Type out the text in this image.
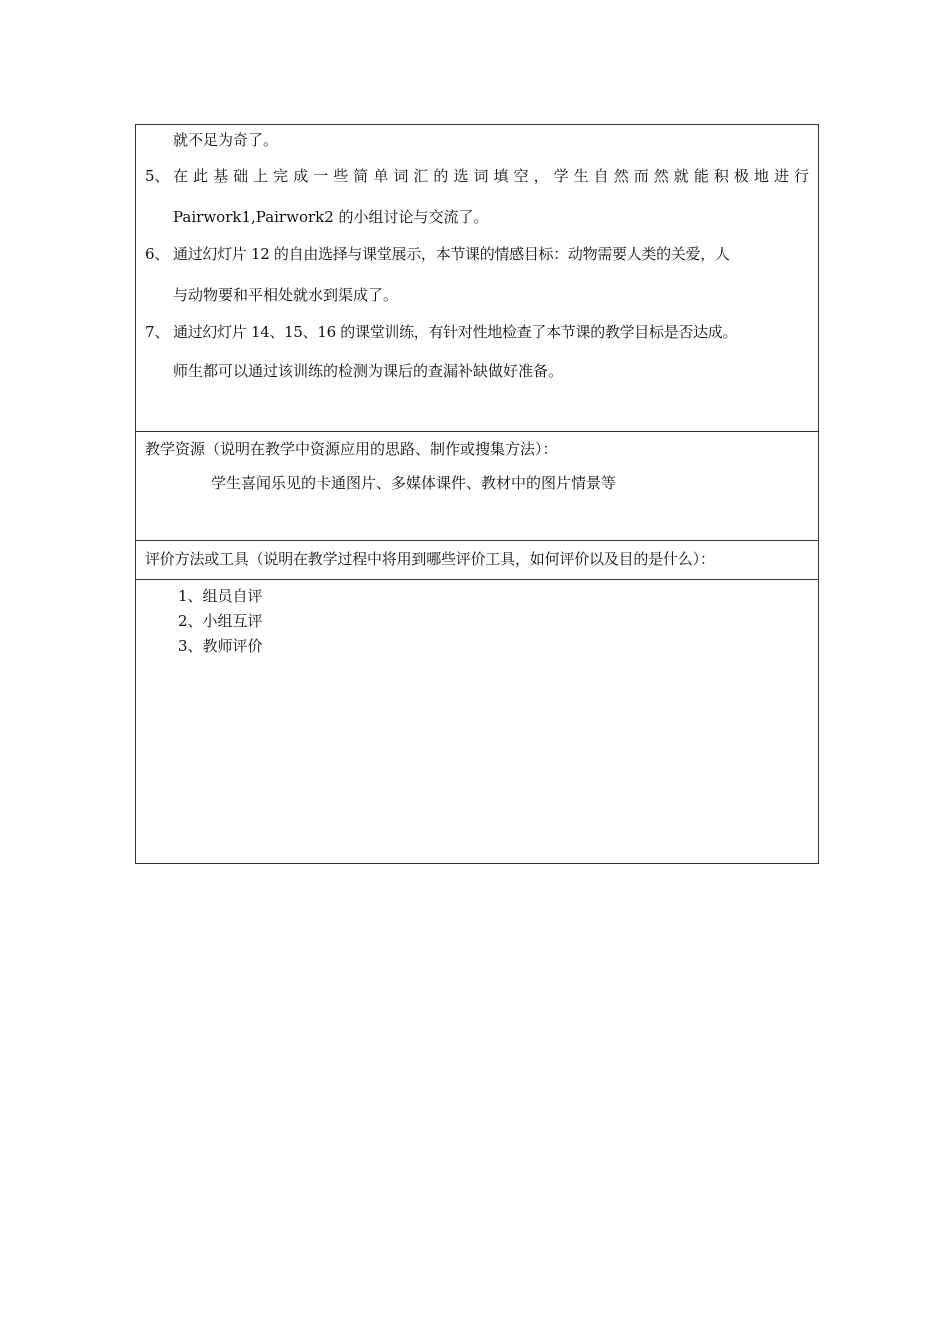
就不足为奇了。
5、 在此基础上完成一些简单词汇的选词填空，学生自然而然就能积极地进行
Pairwork1,Pairwork2 的小组讨论与交流了。
6、 通过幻灯片 12 的自由选择与课堂展示，本节课的情感目标：动物需要人类的关爱，人
与动物要和平相处就水到渠成了。
7、 通过幻灯片 14、15、16 的课堂训练，有针对性地检查了本节课的教学目标是否达成。
师生都可以通过该训练的检测为课后的查漏补缺做好准备。
教学资源（说明在教学中资源应用的思路、制作或搜集方法）：
学生喜闻乐见的卡通图片、多媒体课件、教材中的图片情景等
评价方法或工具（说明在教学过程中将用到哪些评价工具，如何评价以及目的是什么）：
1、组员自评
2、小组互评
3、教师评价
